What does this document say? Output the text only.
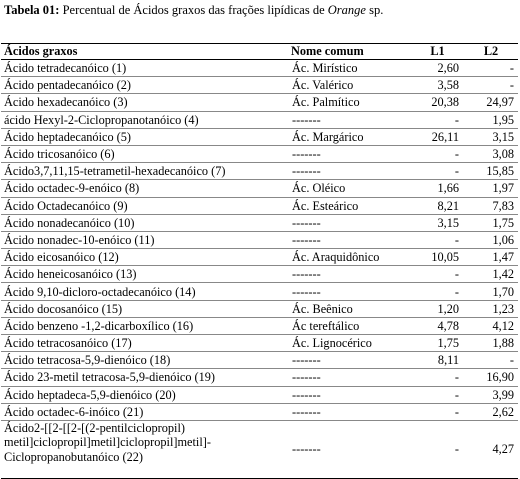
Tabela 01: Percentual de Ácidos graxos das frações lipídicas de Orange sp.
Ácidos graxos	Nome comum	L1	L2
Ácido tetradecanóico (1)	Ác. Mirístico	2,60	-
Ácido pentadecanóico (2)	Ác. Valérico	3,58	-
Ácido hexadecanóico (3)	Ác. Palmítico	20,38	24,97
ácido Hexyl-2-Ciclopropanotanóico (4)	-------	-	1,95
Ácido heptadecanóico (5)	Ác. Margárico	26,11	3,15
Ácido tricosanóico (6)	-------	-	3,08
Ácido3,7,11,15-tetrametil-hexadecanóico (7)	-------	-	15,85
Ácido octadec-9-enóico (8)	Ác. Oléico	1,66	1,97
Ácido Octadecanóico (9)	Ác. Esteárico	8,21	7,83
Ácido nonadecanóico (10)	-------	3,15	1,75
Ácido nonadec-10-enóico (11)	-------	-	1,06
Ácido eicosanóico (12)	Ác. Araquidônico	10,05	1,47
Ácido heneicosanóico (13)	-------	-	1,42
Ácido 9,10-dicloro-octadecanóico (14)	-------	-	1,70
Ácido docosanóico (15)	Ác. Beênico	1,20	1,23
Ácido benzeno -1,2-dicarboxílico (16)	Ác tereftálico	4,78	4,12
Ácido tetracosanóico (17)	Ác. Lignocérico	1,75	1,88
Ácido tetracosa-5,9-dienóico (18)	-------	8,11	-
Ácido 23-metil tetracosa-5,9-dienóico (19)	-------	-	16,90
Ácido heptadeca-5,9-dienóico (20)	-------	-	3,99
Ácido octadec-6-inóico (21)	-------	-	2,62
Ácido2-[[2-[[2-[(2-pentilciclopropil) metil]ciclopropil]metil]ciclopropil]metil]-Ciclopropanobutanóico (22)	-------	-	4,27
